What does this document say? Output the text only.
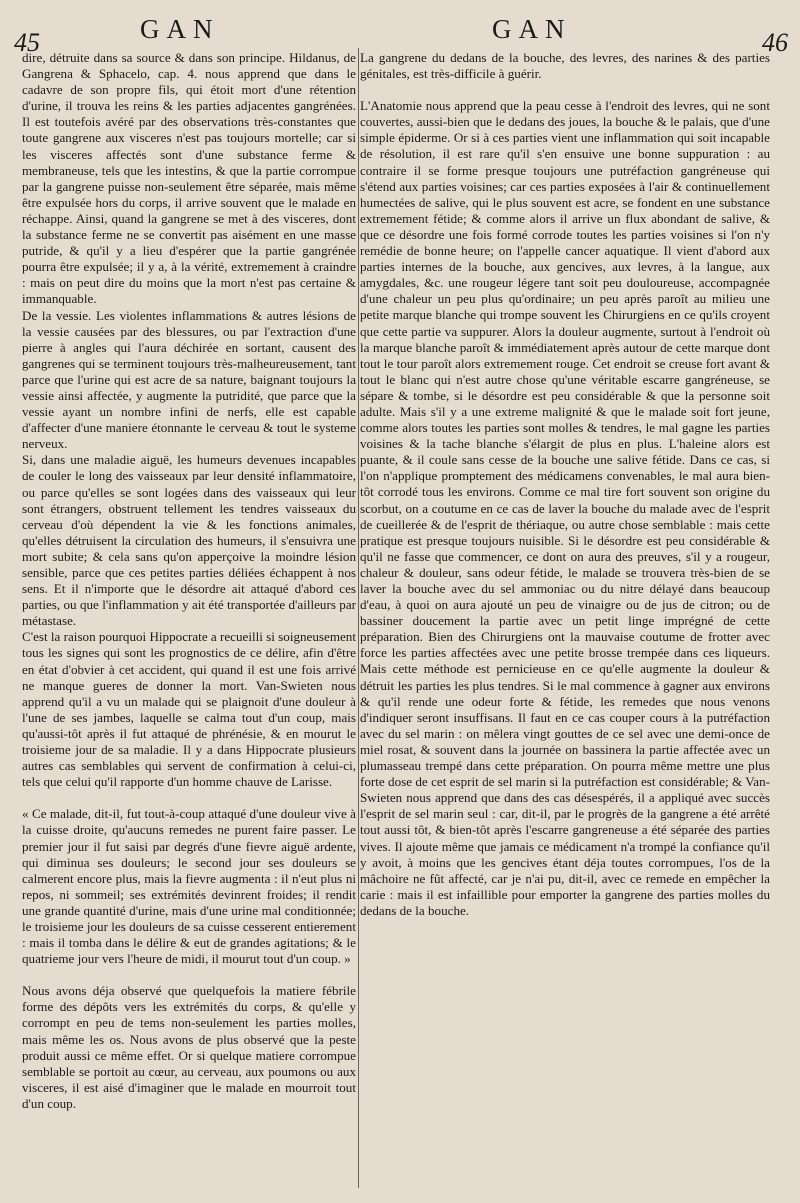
45	GAN	GAN	46

dire, détruite dans sa source & dans son principe. Hildanus, de Gangrena & Sphacelo, cap. 4. nous apprend que dans le cadavre de son propre fils, qui étoit mort d'une rétention d'urine, il trouva les reins & les parties adjacentes gangrénées. Il est toutefois avéré par des observations très-constantes que toute gangrene aux visceres n'est pas toujours mortelle; car si les visceres affectés sont d'une substance ferme & membraneuse, tels que les intestins, & que la partie corrompue par la gangrene puisse non-seulement être séparée, mais même être expulsée hors du corps, il arrive souvent que le malade en réchappe. Ainsi, quand la gangrene se met à des visceres, dont la substance ferme ne se convertit pas aisément en une masse putride, & qu'il y a lieu d'espérer que la partie gangrénée pourra être expulsée; il y a, à la vérité, extremement à craindre : mais on peut dire du moins que la mort n'est pas certaine & immanquable.

De la vessie. Les violentes inflammations & autres lésions de la vessie causées par des blessures, ou par l'extraction d'une pierre à angles qui l'aura déchirée en sortant, causent des gangrenes qui se terminent toujours très-malheureusement, tant parce que l'urine qui est acre de sa nature, baignant toujours la vessie ainsi affectée, y augmente la putridité, que parce que la vessie ayant un nombre infini de nerfs, elle est capable d'affecter d'une maniere étonnante le cerveau & tout le systeme nerveux.

Si, dans une maladie aiguë, les humeurs devenues incapables de couler le long des vaisseaux par leur densité inflammatoire, ou parce qu'elles se sont logées dans des vaisseaux qui leur sont étrangers, obstruent tellement les tendres vaisseaux du cerveau d'où dépendent la vie & les fonctions animales, qu'elles détruisent la circulation des humeurs, il s'ensuivra une mort subite; & cela sans qu'on apperçoive la moindre lésion sensible, parce que ces petites parties déliées échappent à nos sens. Et il n'importe que le désordre ait attaqué d'abord ces parties, ou que l'inflammation y ait été transportée d'ailleurs par métastase.

C'est la raison pourquoi Hippocrate a recueilli si soigneusement tous les signes qui sont les prognostics de ce délire, afin d'être en état d'obvier à cet accident, qui quand il est une fois arrivé ne manque gueres de donner la mort. Van-Swieten nous apprend qu'il a vu un malade qui se plaignoit d'une douleur à l'une de ses jambes, laquelle se calma tout d'un coup, mais qu'aussi-tôt après il fut attaqué de phrénésie, & en mourut le troisieme jour de sa maladie. Il y a dans Hippocrate plusieurs autres cas semblables qui servent de confirmation à celui-ci, tels que celui qu'il rapporte d'un homme chauve de Larisse.

« Ce malade, dit-il, fut tout-à-coup attaqué d'une douleur vive à la cuisse droite, qu'aucuns remedes ne purent faire passer. Le premier jour il fut saisi par degrés d'une fievre aiguë ardente, qui diminua ses douleurs; le second jour ses douleurs se calmerent encore plus, mais la fievre augmenta : il n'eut plus ni repos, ni sommeil; ses extrémités devinrent froides; il rendit une grande quantité d'urine, mais d'une urine mal conditionnée; le troisieme jour les douleurs de sa cuisse cesserent entierement : mais il tomba dans le délire & eut de grandes agitations; & le quatrieme jour vers l'heure de midi, il mourut tout d'un coup. »

Nous avons déja observé que quelquefois la matiere fébrile forme des dépôts vers les extrémités du corps, & qu'elle y corrompt en peu de tems non-seulement les parties molles, mais même les os. Nous avons de plus observé que la peste produit aussi ce même effet. Or si quelque matiere corrompue semblable se portoit au cœur, au cerveau, aux poumons ou aux visceres, il est aisé d'imaginer que le malade en mourroit tout d'un coup.

La gangrene du dedans de la bouche, des levres, des narines & des parties génitales, est très-difficile à guérir.

L'Anatomie nous apprend que la peau cesse à l'endroit des levres, qui ne sont couvertes, aussi-bien que le dedans des joues, la bouche & le palais, que d'une simple épiderme. Or si à ces parties vient une inflammation qui soit incapable de résolution, il est rare qu'il s'en ensuive une bonne suppuration : au contraire il se forme presque toujours une putréfaction gangréneuse qui s'étend aux parties voisines; car ces parties exposées à l'air & continuellement humectées de salive, qui le plus souvent est acre, se fondent en une substance extremement fétide; & comme alors il arrive un flux abondant de salive, & que ce désordre une fois formé corrode toutes les parties voisines si l'on n'y remédie de bonne heure; on l'appelle cancer aquatique. Il vient d'abord aux parties internes de la bouche, aux gencives, aux levres, à la langue, aux amygdales, &c. une rougeur légere tant soit peu douloureuse, accompagnée d'une chaleur un peu plus qu'ordinaire; un peu après paroît au milieu une petite marque blanche qui trompe souvent les Chirurgiens en ce qu'ils croyent que cette partie va suppurer. Alors la douleur augmente, surtout à l'endroit où la marque blanche paroît & immédiatement après autour de cette marque dont tout le tour paroît alors extremement rouge. Cet endroit se creuse fort avant & tout le blanc qui n'est autre chose qu'une véritable escarre gangréneuse, se sépare & tombe, si le désordre est peu considérable & que la personne soit adulte. Mais s'il y a une extreme malignité & que le malade soit fort jeune, comme alors toutes les parties sont molles & tendres, le mal gagne les parties voisines & la tache blanche s'élargit de plus en plus. L'haleine alors est puante, & il coule sans cesse de la bouche une salive fétide. Dans ce cas, si l'on n'applique promptement des médicamens convenables, le mal aura bien-tôt corrodé tous les environs. Comme ce mal tire fort souvent son origine du scorbut, on a coutume en ce cas de laver la bouche du malade avec de l'esprit de cueillerée & de l'esprit de thériaque, ou autre chose semblable : mais cette pratique est presque toujours nuisible. Si le désordre est peu considérable & qu'il ne fasse que commencer, ce dont on aura des preuves, s'il y a rougeur, chaleur & douleur, sans odeur fétide, le malade se trouvera très-bien de se laver la bouche avec du sel ammoniac ou du nitre délayé dans beaucoup d'eau, à quoi on aura ajouté un peu de vinaigre ou de jus de citron; ou de bassiner doucement la partie avec un petit linge imprégné de cette préparation. Bien des Chirurgiens ont la mauvaise coutume de frotter avec force les parties affectées avec une petite brosse trempée dans ces liqueurs. Mais cette méthode est pernicieuse en ce qu'elle augmente la douleur & détruit les parties les plus tendres. Si le mal commence à gagner aux environs & qu'il rende une odeur forte & fétide, les remedes que nous venons d'indiquer seront insuffisans. Il faut en ce cas couper cours à la putréfaction avec du sel marin : on mêlera vingt gouttes de ce sel avec une demi-once de miel rosat, & souvent dans la journée on bassinera la partie affectée avec un plumasseau trempé dans cette préparation. On pourra même mettre une plus forte dose de cet esprit de sel marin si la putréfaction est considérable; & Van-Swieten nous apprend que dans des cas désespérés, il a appliqué avec succès l'esprit de sel marin seul : car, dit-il, par le progrès de la gangrene a été arrêté tout aussi tôt, & bien-tôt après l'escarre gangreneuse a été séparée des parties vives. Il ajoute même que jamais ce médicament n'a trompé la confiance qu'il y avoit, à moins que les gencives étant déja toutes corrompues, l'os de la mâchoire ne fût affecté, car je n'ai pu, dit-il, avec ce remede en empêcher la carie : mais il est infaillible pour emporter la gangrene des parties molles du dedans de la bouche.
